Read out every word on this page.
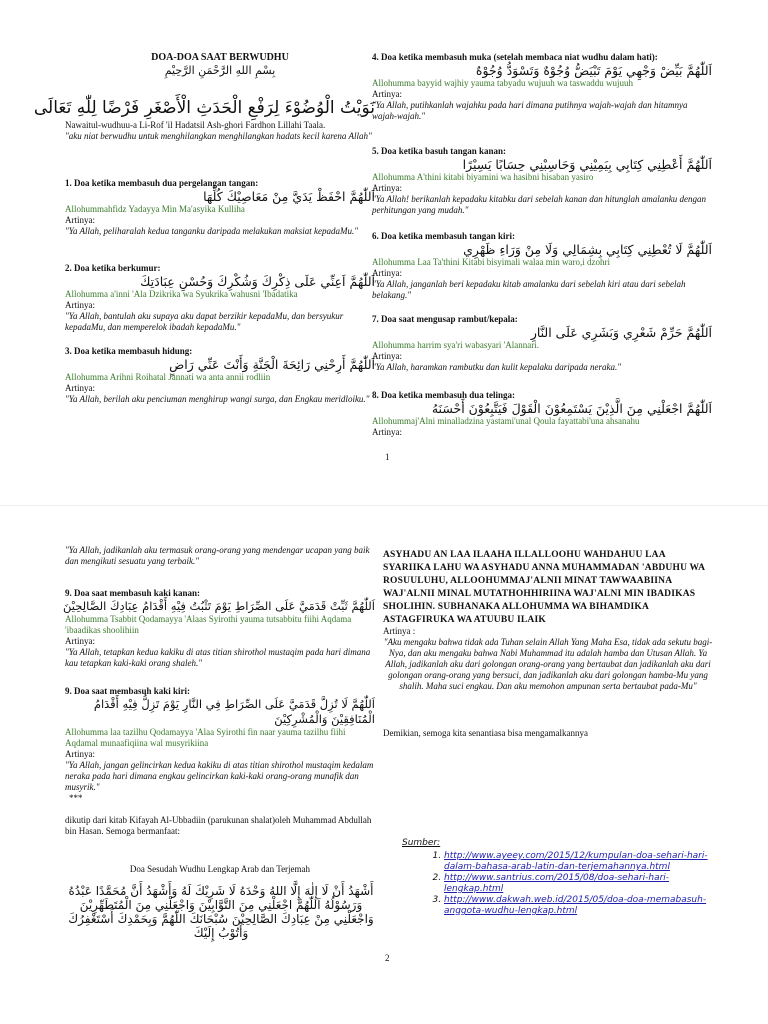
DOA-DOA SAAT BERWUDHU
بِسْمِ اللهِ الرَّحْمَنِ الرَّحِيْمِ
نَوَيْتُ الْوُضُوْءَ لِرَفْعِ الْحَدَثِ الْأَصْغَرِ فَرْضًا لِلّٰهِ تَعَالَى
Nawaitul-wudhuu-a Li-Rof 'il Hadatsil Ash-ghori Fardhon Lillahi Taala.
"aku niat berwudhu untuk menghilangkan menghilangkan hadats kecil karena Allah"
1. Doa ketika membasuh dua pergelangan tangan:
اَللّٰهُمَّ احْفَظْ يَدَيَّ مِنْ مَعَاصِيْكَ كُلِّهَا
Allohummahfidz Yadayya Min Ma'asyika Kulliha
Artinya:
"Ya Allah, peliharalah kedua tanganku daripada melakukan maksiat kepadaMu."
2. Doa ketika berkumur:
اَللّٰهُمَّ اَعِنِّي عَلَى ذِكْرِكَ وَشُكْرِكَ وَحُسْنِ عِبَادَتِكَ
Allohumma a'inni 'Ala Dzikrika wa Syukrika wahusni 'Ibadatika
Artinya:
"Ya Allah, bantulah aku supaya aku dapat berzikir kepadaMu, dan bersyukur kepadaMu, dan memperelok ibadah kepadaMu."
3. Doa ketika membasuh hidung:
اَللّٰهُمَّ أَرِحْنِي رَائِحَةَ الْجَنَّةِ وَأَنْتَ عَنِّي رَاضٍ
Allohumma Arihni Roihatal Jannati wa anta annii rodliin
Artinya:
"Ya Allah, berilah aku penciuman menghirup wangi surga, dan Engkau meridloiku."
4. Doa ketika membasuh muka (setelah membaca niat wudhu dalam hati):
اَللّٰهُمَّ بَيِّضْ وَجْهِي يَوْمَ تَبْيَضُّ وُجُوْهٌ وَتَسْوَدُّ وُجُوْهٌ
Allohumma bayyid wajhiy yauma tabyadu wujuuh wa taswaddu wujuuh
Artinya:
"Ya Allah, putihkanlah wajahku pada hari dimana putihnya wajah-wajah dan hitamnya wajah-wajah."
5. Doa ketika basuh tangan kanan:
اَللّٰهُمَّ أَعْطِنِي كِتَابِي بِيَمِيْنِي وَحَاسِبْنِي حِسَابًا يَسِيْرًا
Allohumma A'thini kitabi biyamini wa hasibni hisaban yasiro
Artinya:
"Ya Allah! berikanlah kepadaku kitabku dari sebelah kanan dan hitunglah amalanku dengan perhitungan yang mudah."
6. Doa ketika membasuh tangan kiri:
اَللّٰهُمَّ لَا تُعْطِنِي كِتَابِي بِشِمَالِي وَلَا مِنْ وَرَاءِ ظَهْرِي
Allohumma Laa Ta'thini Kitabi bisyimali walaa min waro,i dzohri
Artinya:
"Ya Allah, janganlah beri kepadaku kitab amalanku dari sebelah kiri atau dari sebelah belakang."
7. Doa saat mengusap rambut/kepala:
اَللّٰهُمَّ حَرِّمْ شَعْرِي وَبَشَرِي عَلَى النَّارِ
Allohumma harrim sya'ri wabasyari 'Alannari.
Artinya:
"Ya Allah, haramkan rambutku dan kulit kepalaku daripada neraka."
8. Doa ketika membasuh dua telinga:
اَللّٰهُمَّ اجْعَلْنِي مِنَ الَّذِيْنَ يَسْتَمِعُوْنَ الْقَوْلَ فَيَتَّبِعُوْنَ أَحْسَنَهُ
Allohummaj'Alni minalladzina yastami'unal Qoula fayattabi'una ahsanahu
Artinya:
1
"Ya Allah, jadikanlah aku termasuk orang-orang yang mendengar ucapan yang baik dan mengikuti sesuatu yang terbaik."
9. Doa saat membasuh kaki kanan:
اَللّٰهُمَّ ثَبِّتْ قَدَمَيَّ عَلَى الصِّرَاطِ يَوْمَ تَثْبُتُ فِيْهِ أَقْدَامُ عِبَادِكَ الصَّالِحِيْنَ
Allohumma Tsabbit Qodamayya 'Alaas Syirothi yauma tutsabbitu fiihi Aqdama 'ibaadikas shoolihiin
Artinya:
"Ya Allah, tetapkan kedua kakiku di atas titian shirothol mustaqim pada hari dimana kau tetapkan kaki-kaki orang shaleh."
9. Doa saat membasuh kaki kiri:
اَللّٰهُمَّ لَا تُزِلَّ قَدَمَيَّ عَلَى الصِّرَاطِ فِي النَّارِ يَوْمَ تَزِلُّ فِيْهِ أَقْدَامُ الْمُنَافِقِيْنَ وَالْمُشْرِكِيْنَ
Allohumma laa tazilhu Qodamayya 'Alaa Syirothi fin naar yauma tazilhu fiihi Aqdamal munaafiqiina wal musyrikiina
Artinya:
"Ya Allah, jangan gelincirkan kedua kakiku di atas titian shirothol mustaqim kedalam neraka pada hari dimana engkau gelincirkan kaki-kaki orang-orang munafik dan musyrik."
***
dikutip dari kitab Kifayah Al-Ubbadiin (parukunan shalat)oleh Muhammad Abdullah bin Hasan. Semoga bermanfaat:
Doa Sesudah Wudhu Lengkap Arab dan Terjemah
أَشْهَدُ أَنْ لَا إِلٰهَ إِلَّا اللهُ وَحْدَهُ لَا شَرِيْكَ لَهُ وَأَشْهَدُ أَنَّ مُحَمَّدًا عَبْدُهُ وَرَسُوْلُهُ اَللّٰهُمَّ اجْعَلْنِي مِنَ التَّوَّابِيْنَ وَاجْعَلْنِي مِنَ الْمُتَطَهِّرِيْنَ وَاجْعَلْنِي مِنْ عِبَادِكَ الصَّالِحِيْنَ سُبْحَانَكَ اللّٰهُمَّ وَبِحَمْدِكَ أَسْتَغْفِرُكَ وَأَتُوْبُ إِلَيْكَ
ASYHADU AN LAA ILAAHA ILLALLOOHU WAHDAHUU LAA SYARIIKA LAHU WA ASYHADU ANNA MUHAMMADAN 'ABDUHU WA ROSUULUHU, ALLOOHUMMAJ'ALNII MINAT TAWWAABIINA WAJ'ALNII MINAL MUTATHOHHIRIINA WAJ'ALNI MIN IBADIKAS SHOLIHIN. SUBHANAKA ALLOHUMMA WA BIHAMDIKA ASTAGFIRUKA WA ATUUBU ILAIK
Artinya :
"Aku mengaku bahwa tidak ada Tuhan selain Allah Yang Maha Esa, tidak ada sekutu bagi-Nya, dan aku mengaku bahwa Nabi Muhammad itu adalah hamba dan Utusan Allah. Ya Allah, jadikanlah aku dari golongan orang-orang yang bertaubat dan jadikanlah aku dari golongan orang-orang yang bersuci, dan jadikanlah aku dari golongan hamba-Mu yang shalih. Maha suci engkau. Dan aku memohon ampunan serta bertaubat pada-Mu"
Demikian, semoga kita senantiasa bisa mengamalkannya
Sumber:
1. http://www.ayeey.com/2015/12/kumpulan-doa-sehari-hari-dalam-bahasa-arab-latin-dan-terjemahannya.html
2. http://www.santrius.com/2015/08/doa-sehari-hari-lengkap.html
3. http://www.dakwah.web.id/2015/05/doa-doa-memabasuh-anggota-wudhu-lengkap.html
2
